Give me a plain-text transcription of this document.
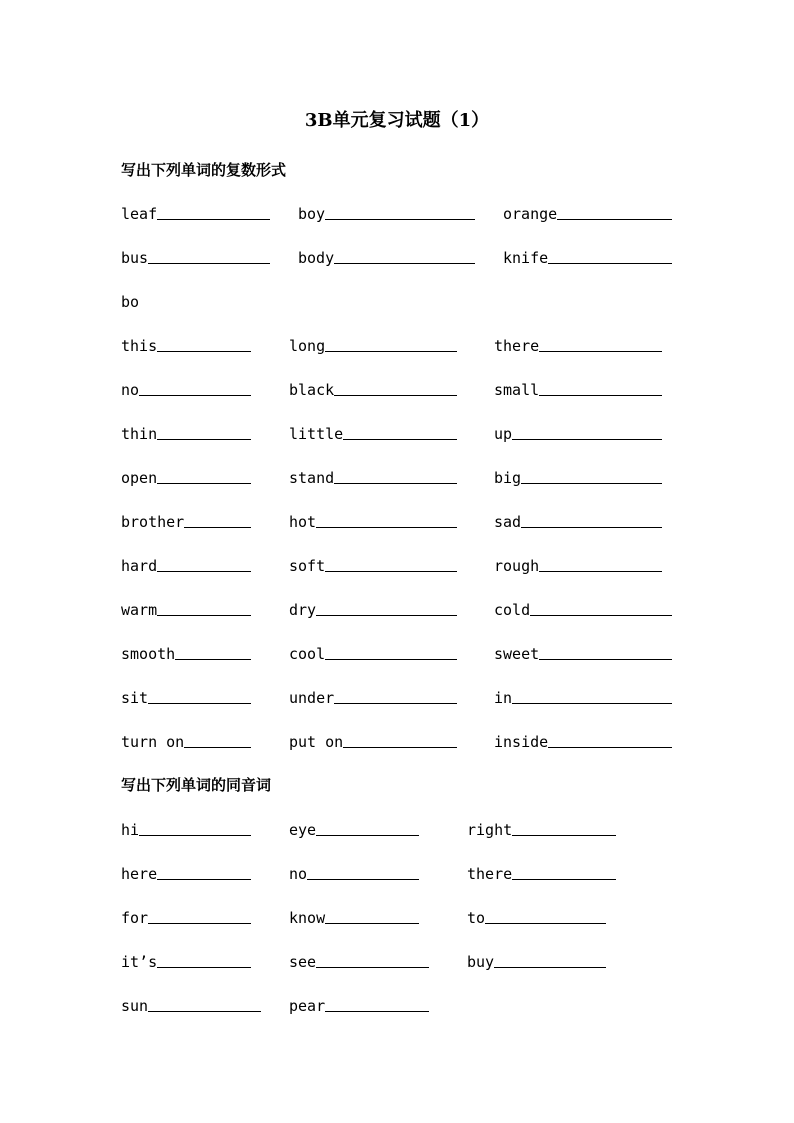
3B单元复习试题（1）
写出下列单词的复数形式
写出下列单词的同音词
leaf	boy	orange
bus	body	knife
bo
this	long	there
no	black	small
thin	little	up
open	stand	big
brother	hot	sad
hard	soft	rough
warm	dry	cold
smooth	cool	sweet
sit	under	in
turn on	put on	inside
hi	eye	right
here	no	there
for	know	to
it’s	see	buy
sun	pear
